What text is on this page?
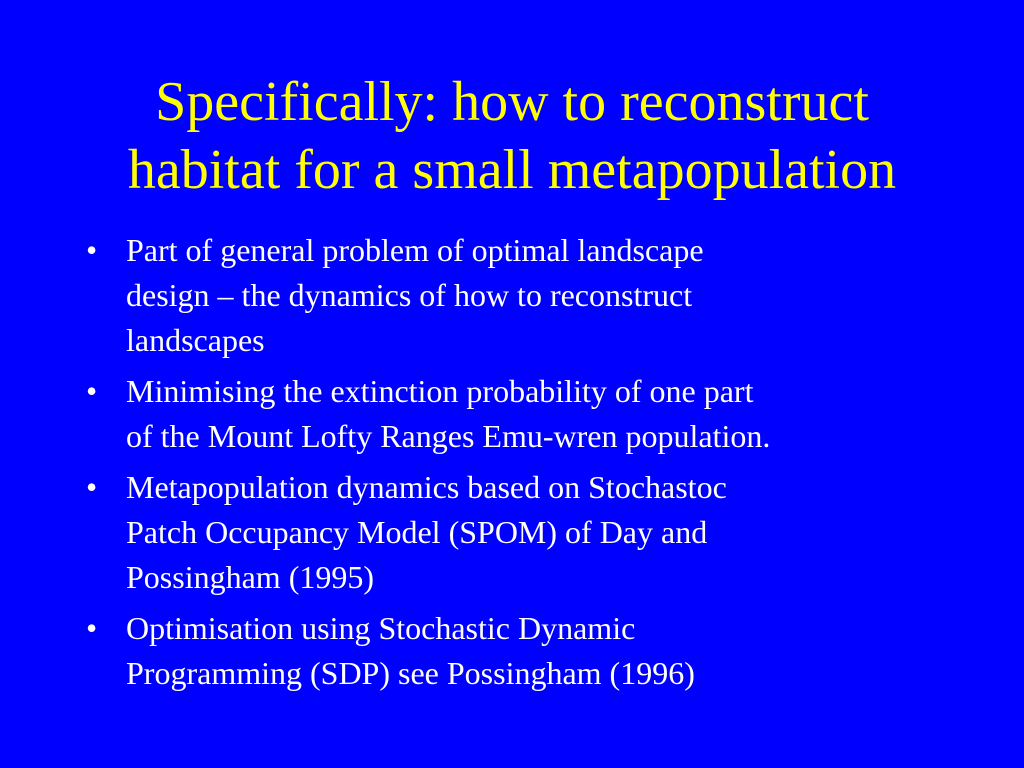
Specifically: how to reconstruct
habitat for a small metapopulation
• Part of general problem of optimal landscape
design – the dynamics of how to reconstruct
landscapes
• Minimising the extinction probability of one part
of the Mount Lofty Ranges Emu-wren population.
• Metapopulation dynamics based on Stochastoc
Patch Occupancy Model (SPOM) of Day and
Possingham (1995)
• Optimisation using Stochastic Dynamic
Programming (SDP) see Possingham (1996)
